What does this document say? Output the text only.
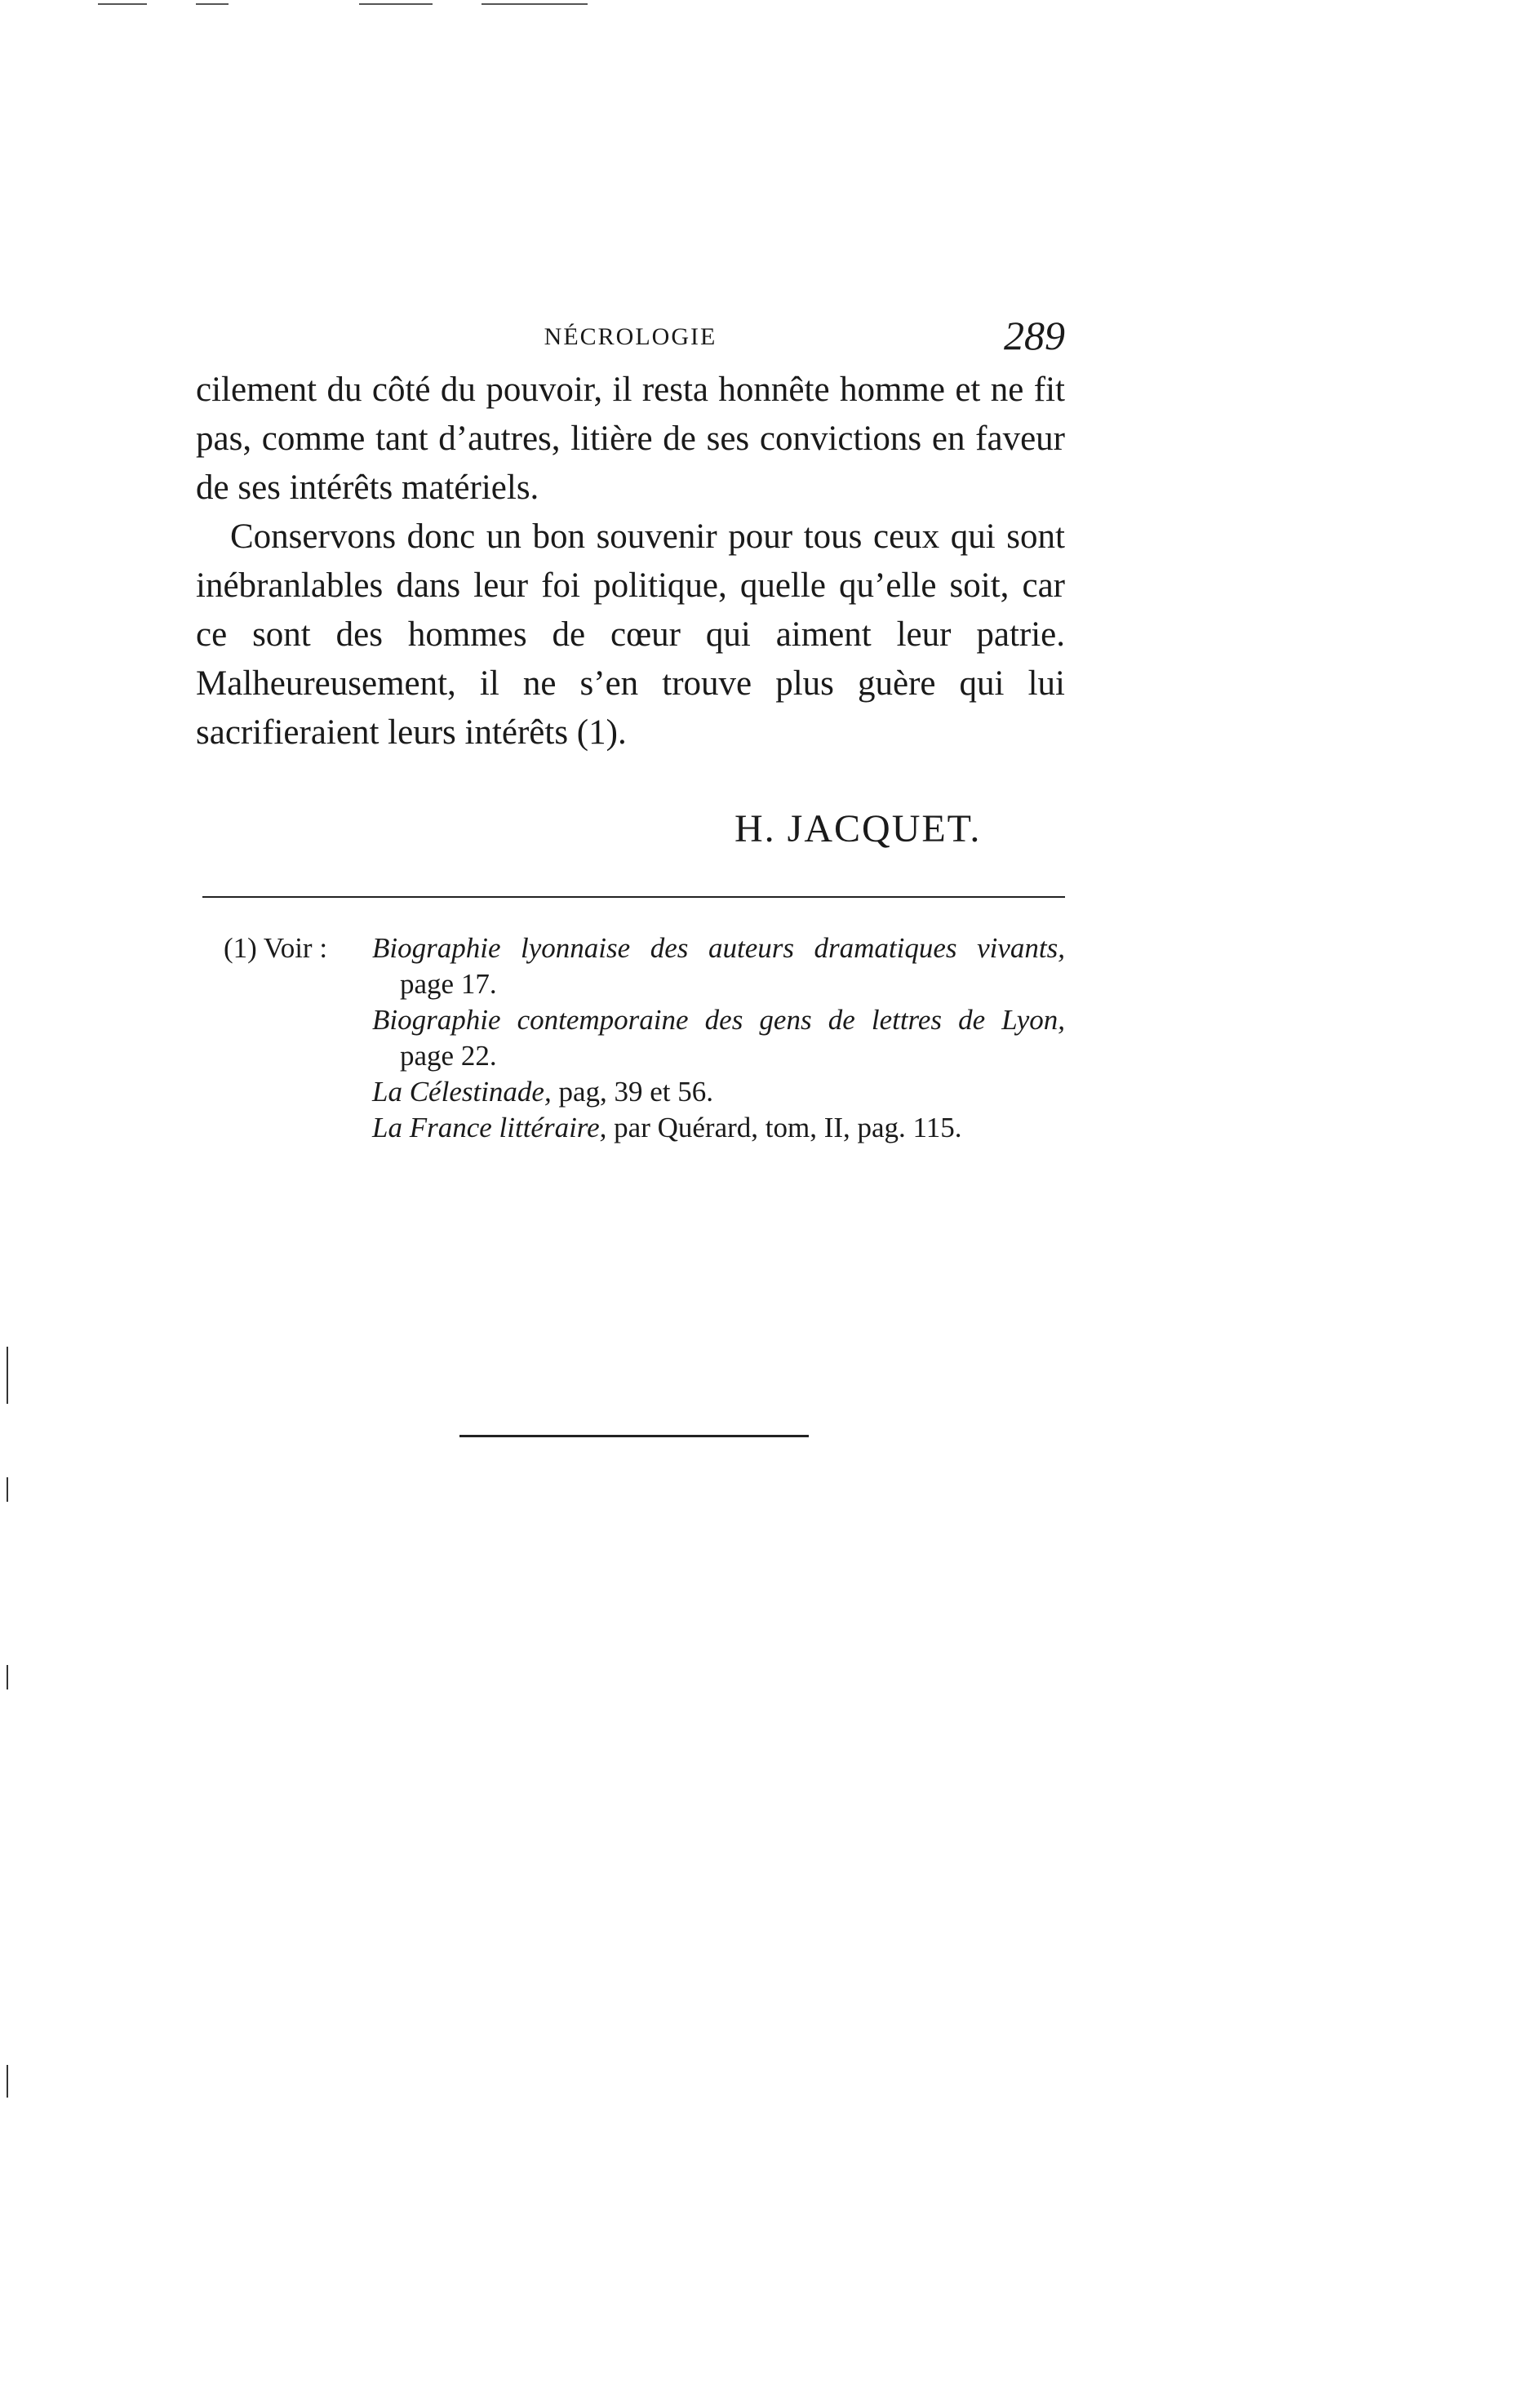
NÉCROLOGIE	289

cilement du côté du pouvoir, il resta honnête homme et ne fit pas, comme tant d’autres, litière de ses convictions en faveur de ses intérêts matériels.

Conservons donc un bon souvenir pour tous ceux qui sont inébranlables dans leur foi politique, quelle qu’elle soit, car ce sont des hommes de cœur qui aiment leur patrie. Malheureusement, il ne s’en trouve plus guère qui lui sacrifieraient leurs intérêts (1).

H. JACQUET.
(1) Voir : Biographie lyonnaise des auteurs dramatiques vivants,
page 17.
Biographie contemporaine des gens de lettres de Lyon,
page 22.
La Célestinade, pag, 39 et 56.
La France littéraire, par Quérard, tom, II, pag. 115.
